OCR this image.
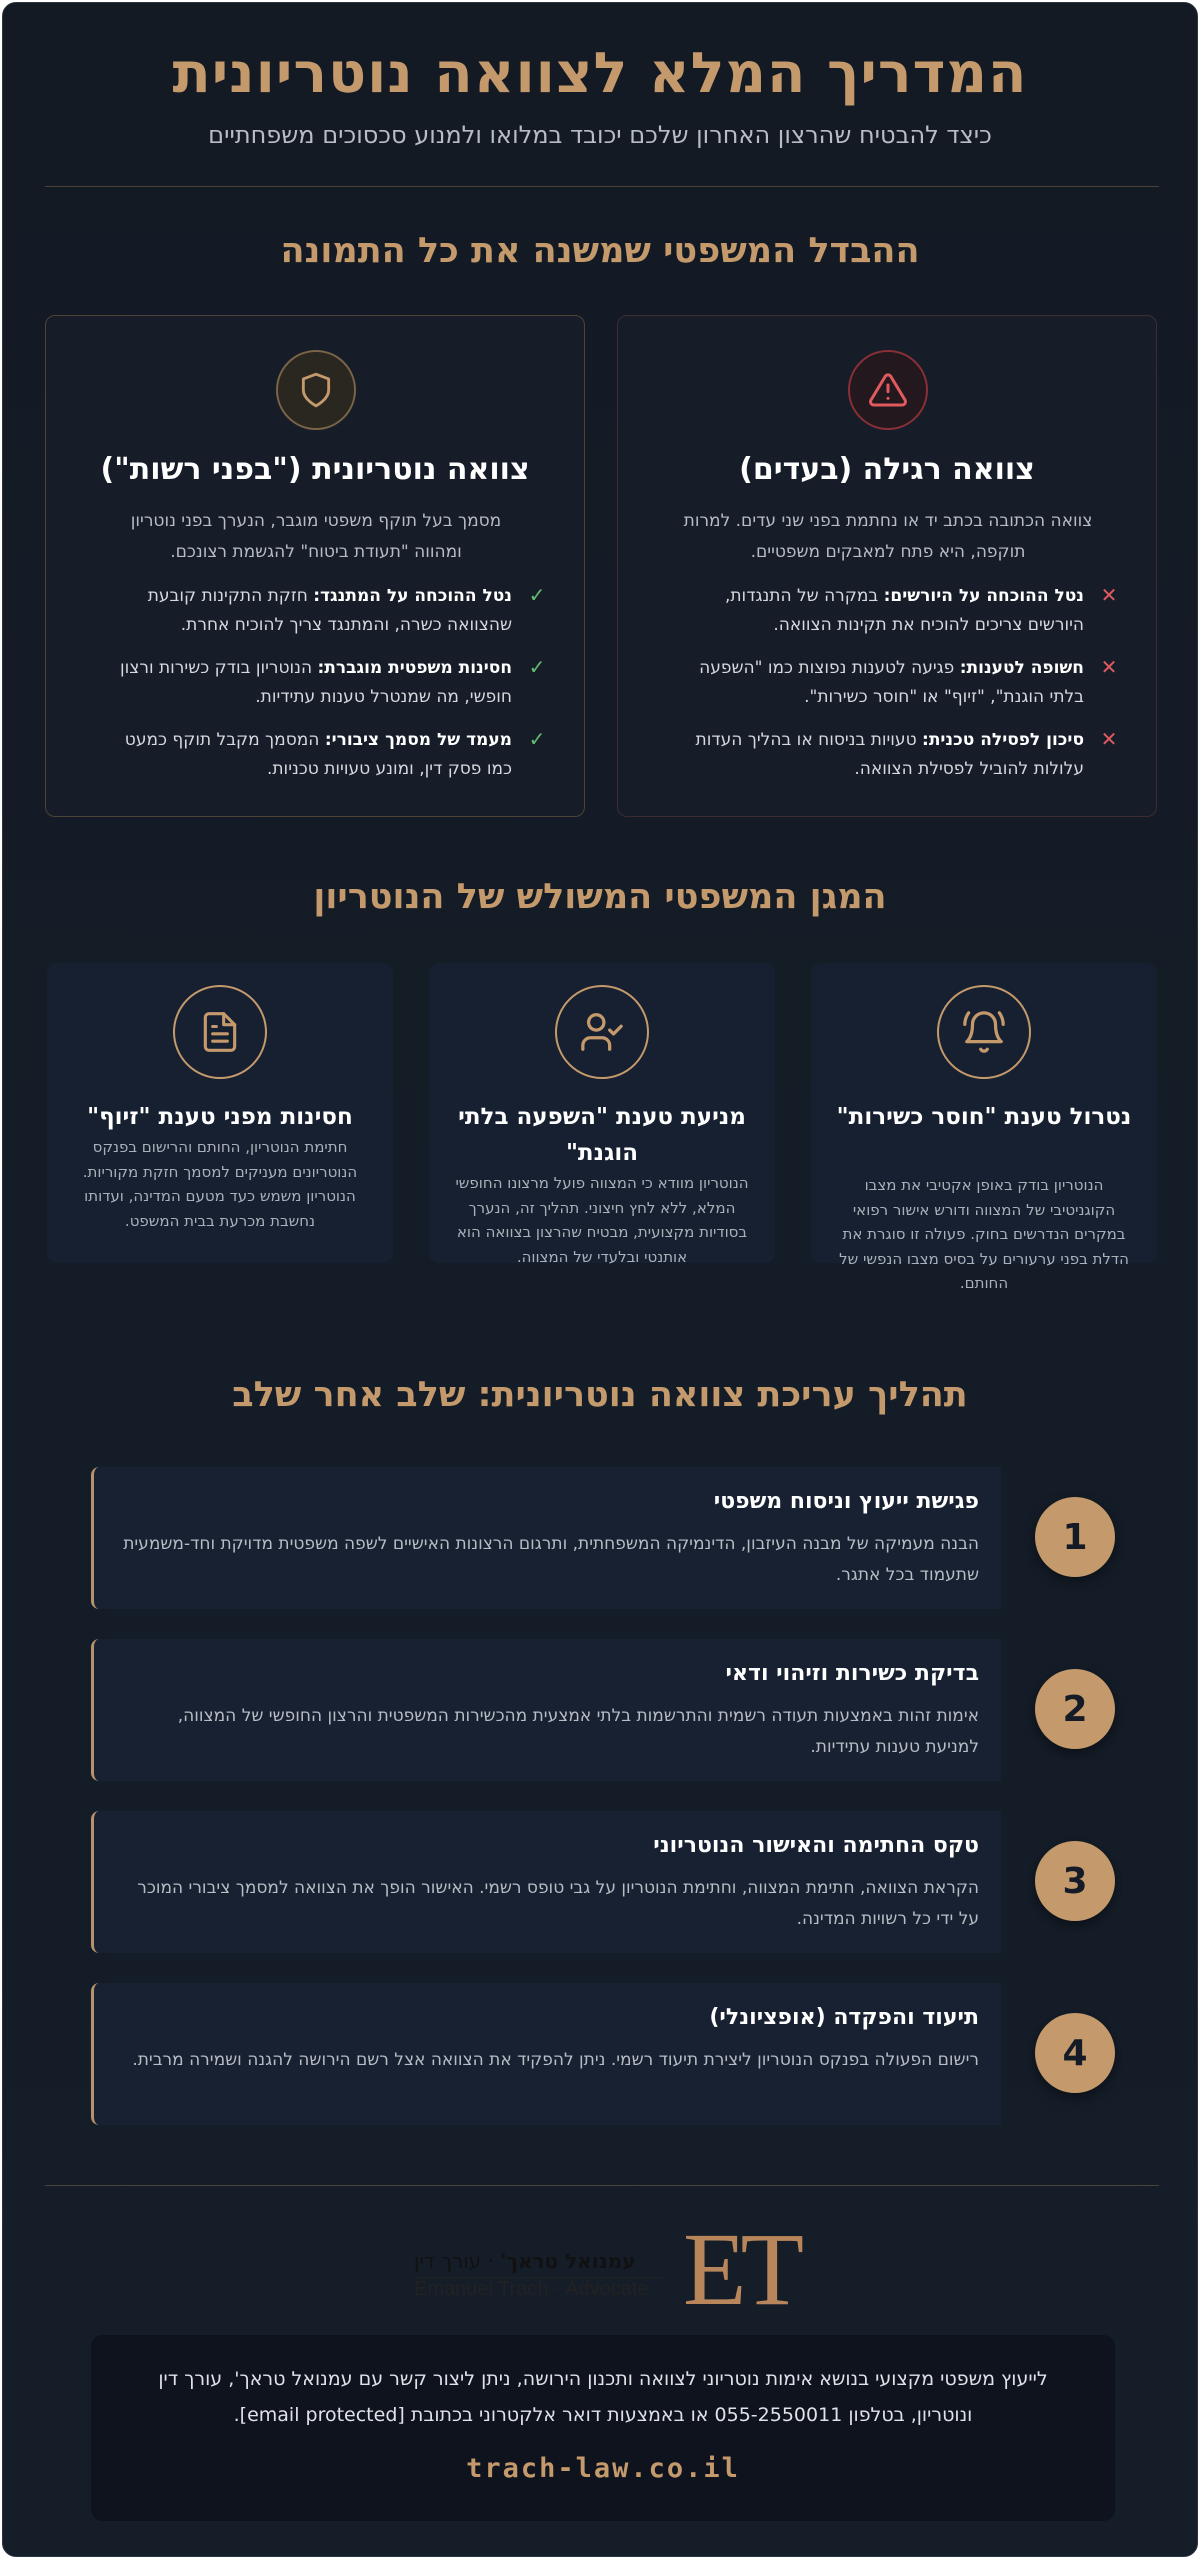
המדריך המלא לצוואה נוטריונית
כיצד להבטיח שהרצון האחרון שלכם יכובד במלואו ולמנוע סכסוכים משפחתיים
ההבדל המשפטי שמשנה את כל התמונה
צוואה רגילה (בעדים)
צוואה הכתובה בכתב יד או נחתמת בפני שני עדים. למרות תוקפה, היא פתח למאבקים משפטיים.
✕
נטל ההוכחה על היורשים: במקרה של התנגדות, היורשים צריכים להוכיח את תקינות הצוואה.
✕
חשופה לטענות: פגיעה לטענות נפוצות כמו "השפעה בלתי הוגנת", "זיוף" או "חוסר כשירות".
✕
סיכון לפסילה טכנית: טעויות בניסוח או בהליך העדות עלולות להוביל לפסילת הצוואה.
צוואה נוטריונית ("בפני רשות")
מסמך בעל תוקף משפטי מוגבר, הנערך בפני נוטריון ומהווה "תעודת ביטוח" להגשמת רצונכם.
✓
נטל ההוכחה על המתנגד: חזקת התקינות קובעת שהצוואה כשרה, והמתנגד צריך להוכיח אחרת.
✓
חסינות משפטית מוגברת: הנוטריון בודק כשירות ורצון חופשי, מה שמנטרל טענות עתידיות.
✓
מעמד של מסמך ציבורי: המסמך מקבל תוקף כמעט כמו פסק דין, ומונע טעויות טכניות.
המגן המשפטי המשולש של הנוטריון
נטרול טענת "חוסר כשירות"
הנוטריון בודק באופן אקטיבי את מצבו הקוגניטיבי של המצווה ודורש אישור רפואי במקרים הנדרשים בחוק. פעולה זו סוגרת את הדלת בפני ערעורים על בסיס מצבו הנפשי של החותם.
מניעת טענת "השפעה בלתי הוגנת"
הנוטריון מוודא כי המצווה פועל מרצונו החופשי המלא, ללא לחץ חיצוני. תהליך זה, הנערך בסודיות מקצועית, מבטיח שהרצון בצוואה הוא אותנטי ובלעדי של המצווה.
חסינות מפני טענת "זיוף"
חתימת הנוטריון, החותם והרישום בפנקס הנוטריונים מעניקים למסמך חזקת מקוריות. הנוטריון משמש כעד מטעם המדינה, ועדותו נחשבת מכרעת בבית המשפט.
תהליך עריכת צוואה נוטריונית: שלב אחר שלב
פגישת ייעוץ וניסוח משפטי
הבנה מעמיקה של מבנה העיזבון, הדינמיקה המשפחתית, ותרגום הרצונות האישיים לשפה משפטית מדויקת וחד-משמעית שתעמוד בכל אתגר.
1
בדיקת כשירות וזיהוי ודאי
אימות זהות באמצעות תעודה רשמית והתרשמות בלתי אמצעית מהכשירות המשפטית והרצון החופשי של המצווה, למניעת טענות עתידיות.
2
טקס החתימה והאישור הנוטריוני
הקראת הצוואה, חתימת המצווה, וחתימת הנוטריון על גבי טופס רשמי. האישור הופך את הצוואה למסמך ציבורי המוכר על ידי כל רשויות המדינה.
3
תיעוד והפקדה (אופציונלי)
רישום הפעולה בפנקס הנוטריון ליצירת תיעוד רשמי. ניתן להפקיד את הצוואה אצל רשם הירושה להגנה ושמירה מרבית.	4
ET
עמנואל טראך' · עורך דין
Emanuel Trach · Advocate
לייעוץ משפטי מקצועי בנושא אימות נוטריוני לצוואה ותכנון הירושה, ניתן ליצור קשר עם עמנואל טראך', עורך דין ונוטריון, בטלפון 055-2550011 או באמצעות דואר אלקטרוני בכתובת [email protected].
trach-law.co.il
